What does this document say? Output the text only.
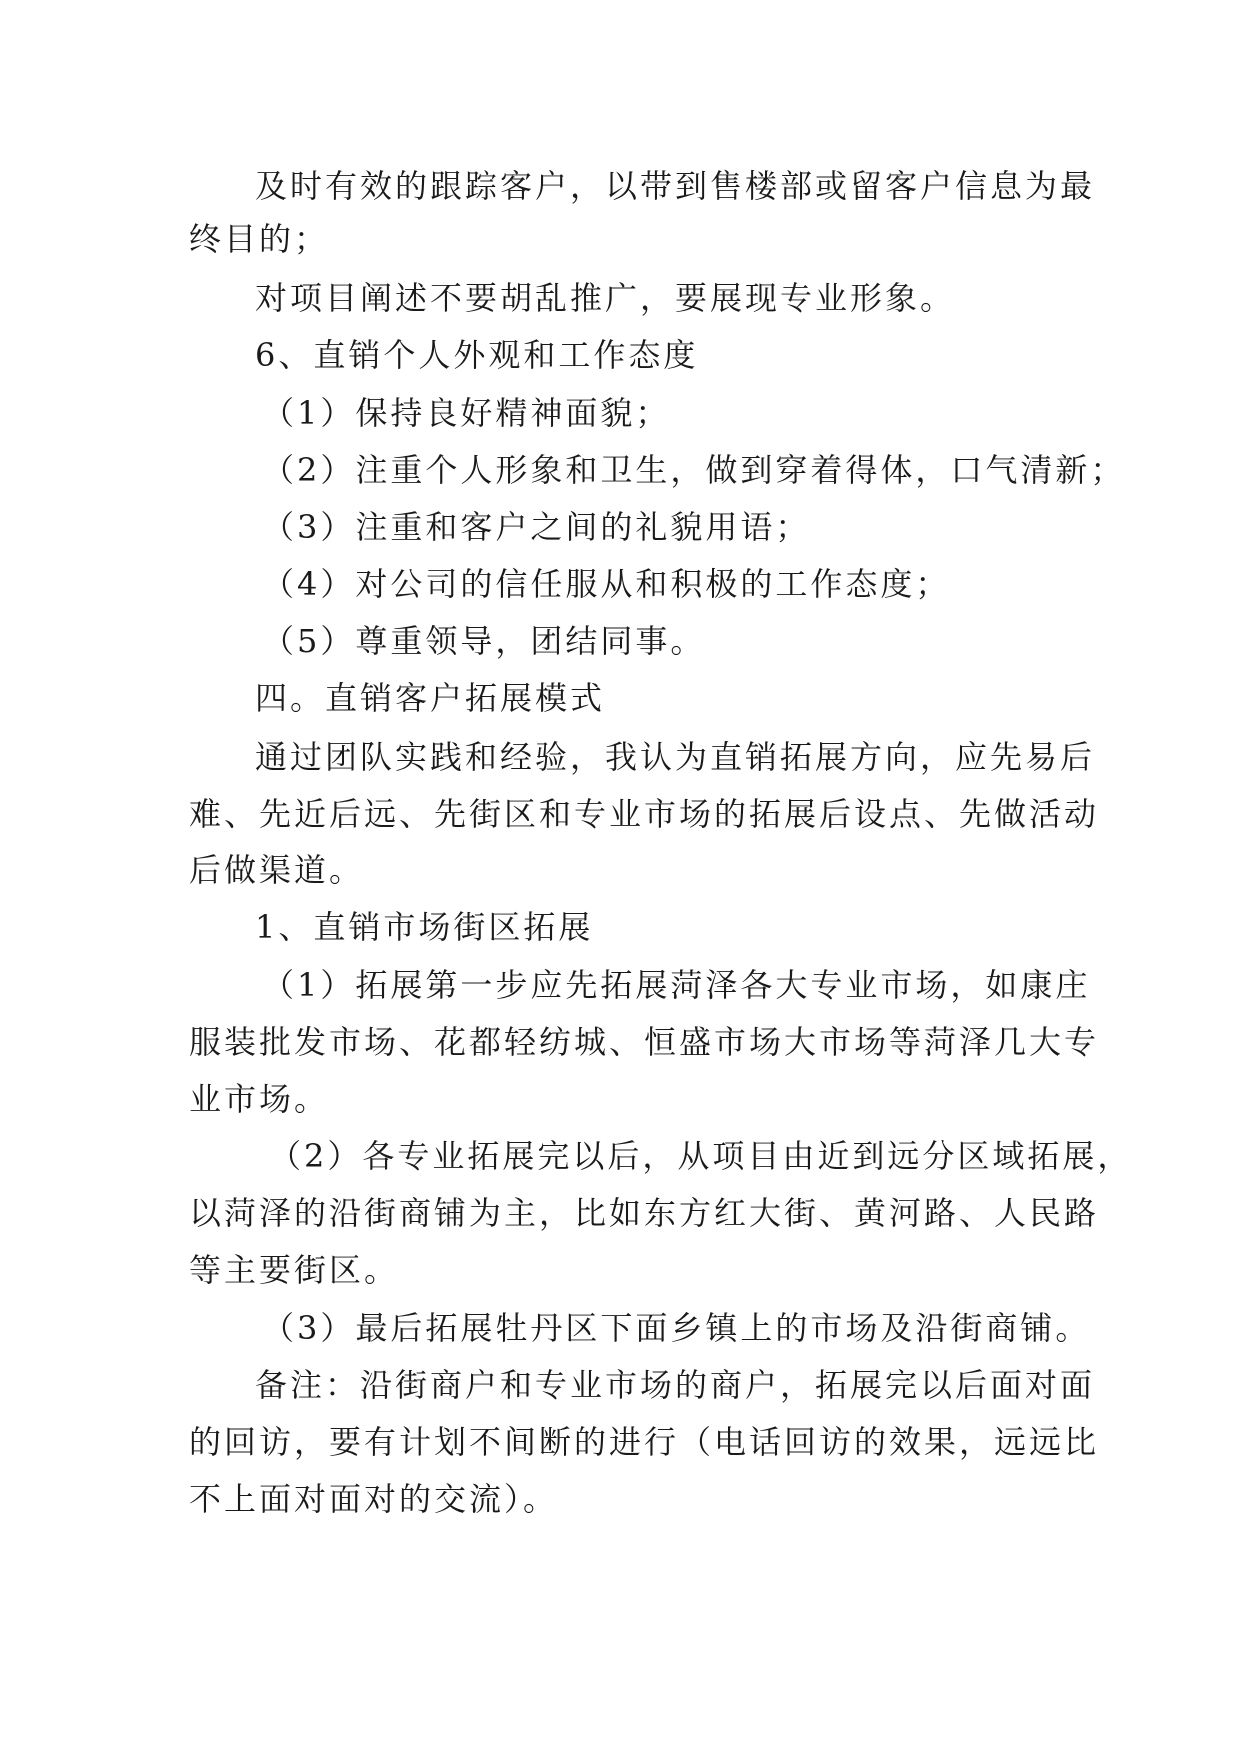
及时有效的跟踪客户，以带到售楼部或留客户信息为最
终目的；
对项目阐述不要胡乱推广，要展现专业形象。
6、直销个人外观和工作态度
（1）保持良好精神面貌；
（2）注重个人形象和卫生，做到穿着得体，口气清新；
（3）注重和客户之间的礼貌用语；
（4）对公司的信任服从和积极的工作态度；
（5）尊重领导，团结同事。
四。直销客户拓展模式
通过团队实践和经验，我认为直销拓展方向，应先易后
难、先近后远、先街区和专业市场的拓展后设点、先做活动
后做渠道。
1、直销市场街区拓展
（1）拓展第一步应先拓展菏泽各大专业市场，如康庄
服装批发市场、花都轻纺城、恒盛市场大市场等菏泽几大专
业市场。
（2）各专业拓展完以后，从项目由近到远分区域拓展，
以菏泽的沿街商铺为主，比如东方红大街、黄河路、人民路
等主要街区。
（3）最后拓展牡丹区下面乡镇上的市场及沿街商铺。
备注：沿街商户和专业市场的商户，拓展完以后面对面
的回访，要有计划不间断的进行（电话回访的效果，远远比
不上面对面对的交流）。
